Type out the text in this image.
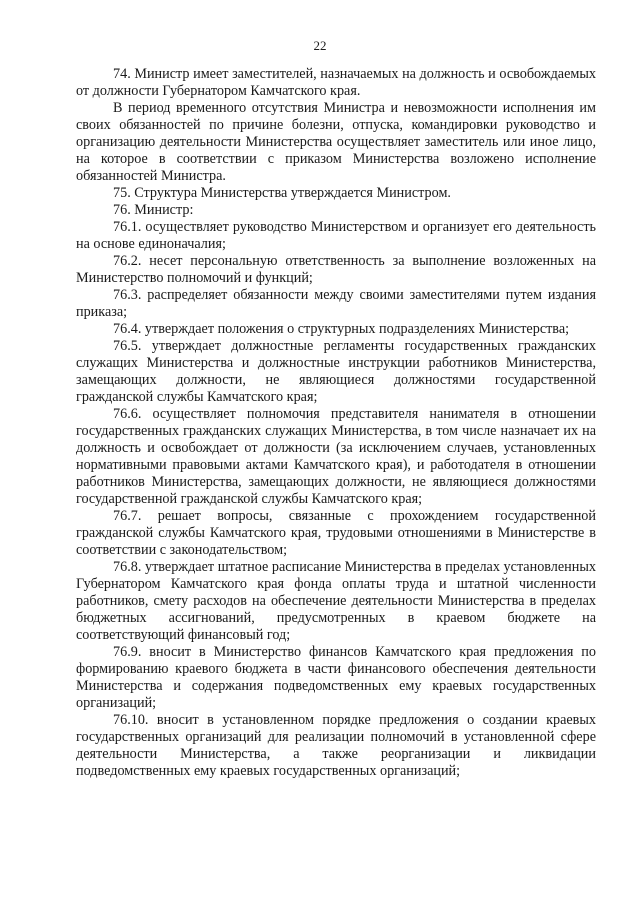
22

74. Министр имеет заместителей, назначаемых на должность и освобождаемых от должности Губернатором Камчатского края.

В период временного отсутствия Министра и невозможности исполнения им своих обязанностей по причине болезни, отпуска, командировки руководство и организацию деятельности Министерства осуществляет заместитель или иное лицо, на которое в соответствии с приказом Министерства возложено исполнение обязанностей Министра.

75. Структура Министерства утверждается Министром.

76. Министр:

76.1. осуществляет руководство Министерством и организует его деятельность на основе единоначалия;

76.2. несет персональную ответственность за выполнение возложенных на Министерство полномочий и функций;

76.3. распределяет обязанности между своими заместителями путем издания приказа;

76.4. утверждает положения о структурных подразделениях Министерства;

76.5. утверждает должностные регламенты государственных гражданских служащих Министерства и должностные инструкции работников Министерства, замещающих должности, не являющиеся должностями государственной гражданской службы Камчатского края;

76.6. осуществляет полномочия представителя нанимателя в отношении государственных гражданских служащих Министерства, в том числе назначает их на должность и освобождает от должности (за исключением случаев, установленных нормативными правовыми актами Камчатского края), и работодателя в отношении работников Министерства, замещающих должности, не являющиеся должностями государственной гражданской службы Камчатского края;

76.7. решает вопросы, связанные с прохождением государственной гражданской службы Камчатского края, трудовыми отношениями в Министерстве в соответствии с законодательством;

76.8. утверждает штатное расписание Министерства в пределах установленных Губернатором Камчатского края фонда оплаты труда и штатной численности работников, смету расходов на обеспечение деятельности Министерства в пределах бюджетных ассигнований, предусмотренных в краевом бюджете на соответствующий финансовый год;

76.9. вносит в Министерство финансов Камчатского края предложения по формированию краевого бюджета в части финансового обеспечения деятельности Министерства и содержания подведомственных ему краевых государственных организаций;

76.10. вносит в установленном порядке предложения о создании краевых государственных организаций для реализации полномочий в установленной сфере деятельности Министерства, а также реорганизации и ликвидации подведомственных ему краевых государственных организаций;
